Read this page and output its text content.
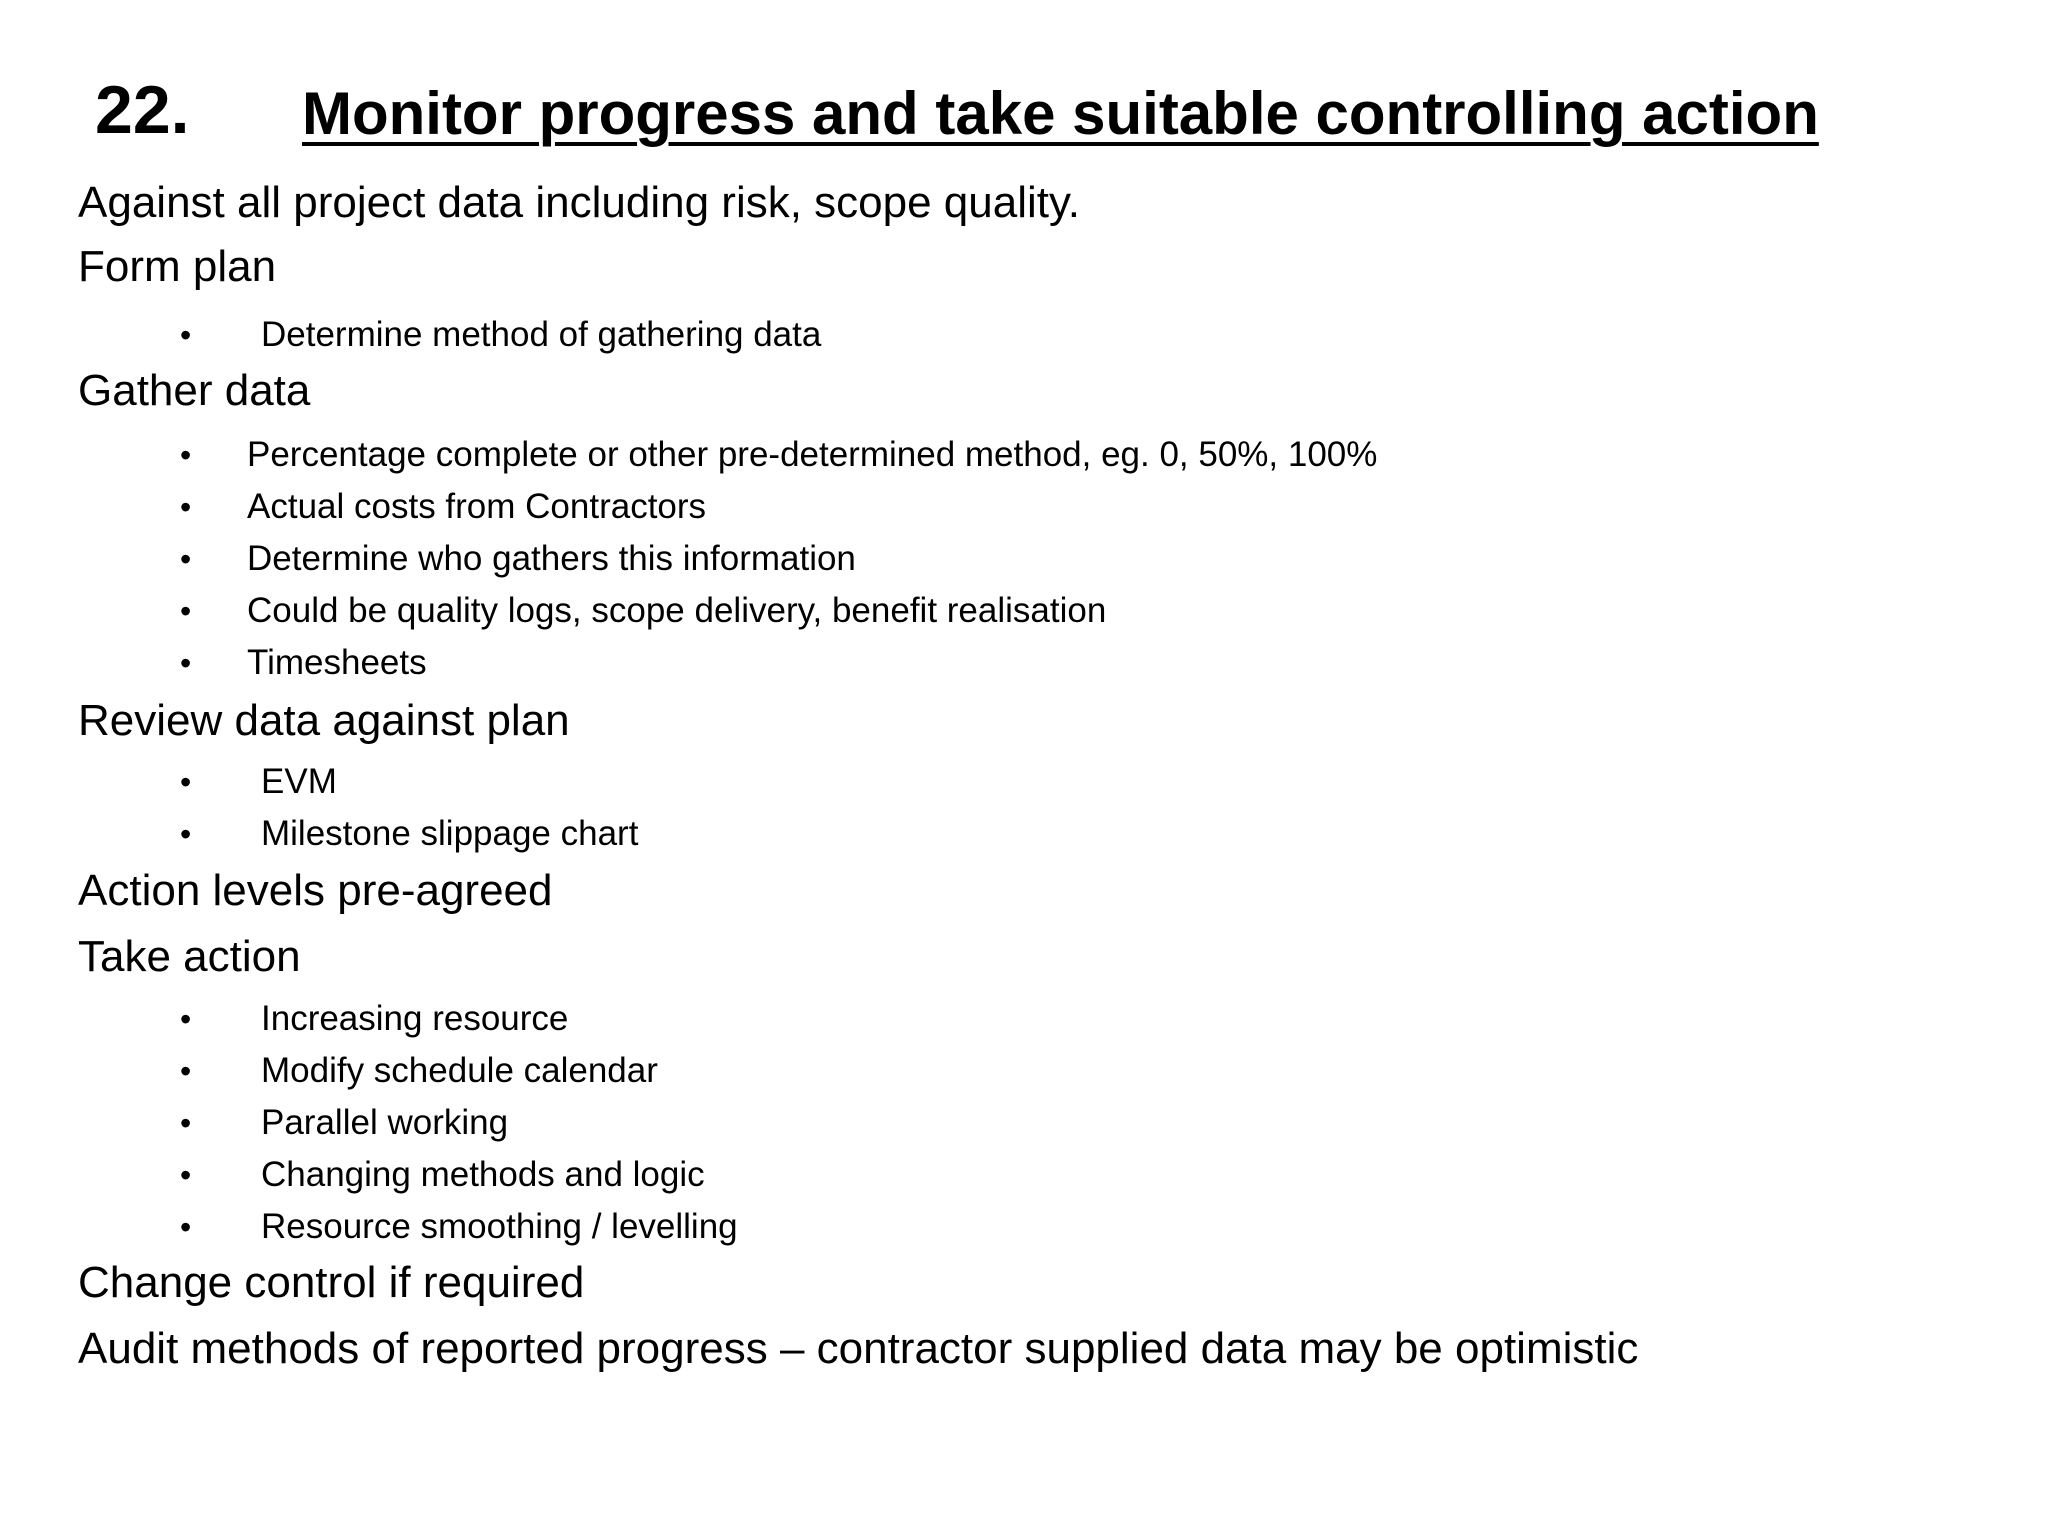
22. Monitor progress and take suitable controlling action
Against all project data including risk, scope quality.
Form plan
• Determine method of gathering data
Gather data
• Percentage complete or other pre-determined method, eg. 0, 50%, 100%
• Actual costs from Contractors
• Determine who gathers this information
• Could be quality logs, scope delivery, benefit realisation
• Timesheets
Review data against plan
• EVM
• Milestone slippage chart
Action levels pre-agreed
Take action
• Increasing resource
• Modify schedule calendar
• Parallel working
• Changing methods and logic
• Resource smoothing / levelling
Change control if required
Audit methods of reported progress – contractor supplied data may be optimistic
